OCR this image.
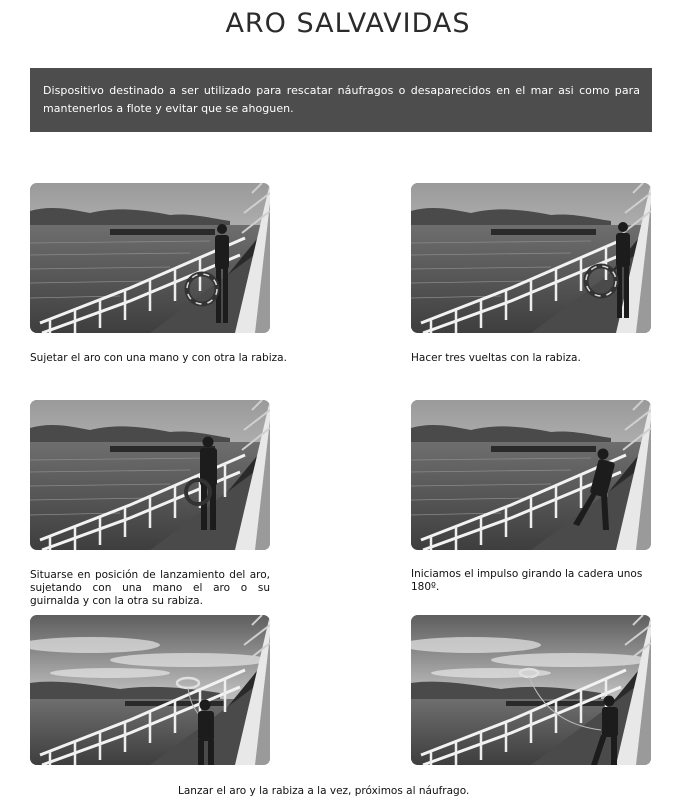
ARO SALVAVIDAS
Dispositivo destinado a ser utilizado para rescatar náufragos o desaparecidos en el mar asi como para mantenerlos a flote y evitar que se ahoguen.

Sujetar el aro con una mano y con otra la rabiza.	Hacer tres vueltas con la rabiza.

Situarse en posición de lanzamiento del aro, sujetando con una mano el aro o su guirnalda y con la otra su rabiza.

Iniciamos el impulso girando la cadera unos 180º.

Lanzar el aro y la rabiza a la vez, próximos al náufrago.
